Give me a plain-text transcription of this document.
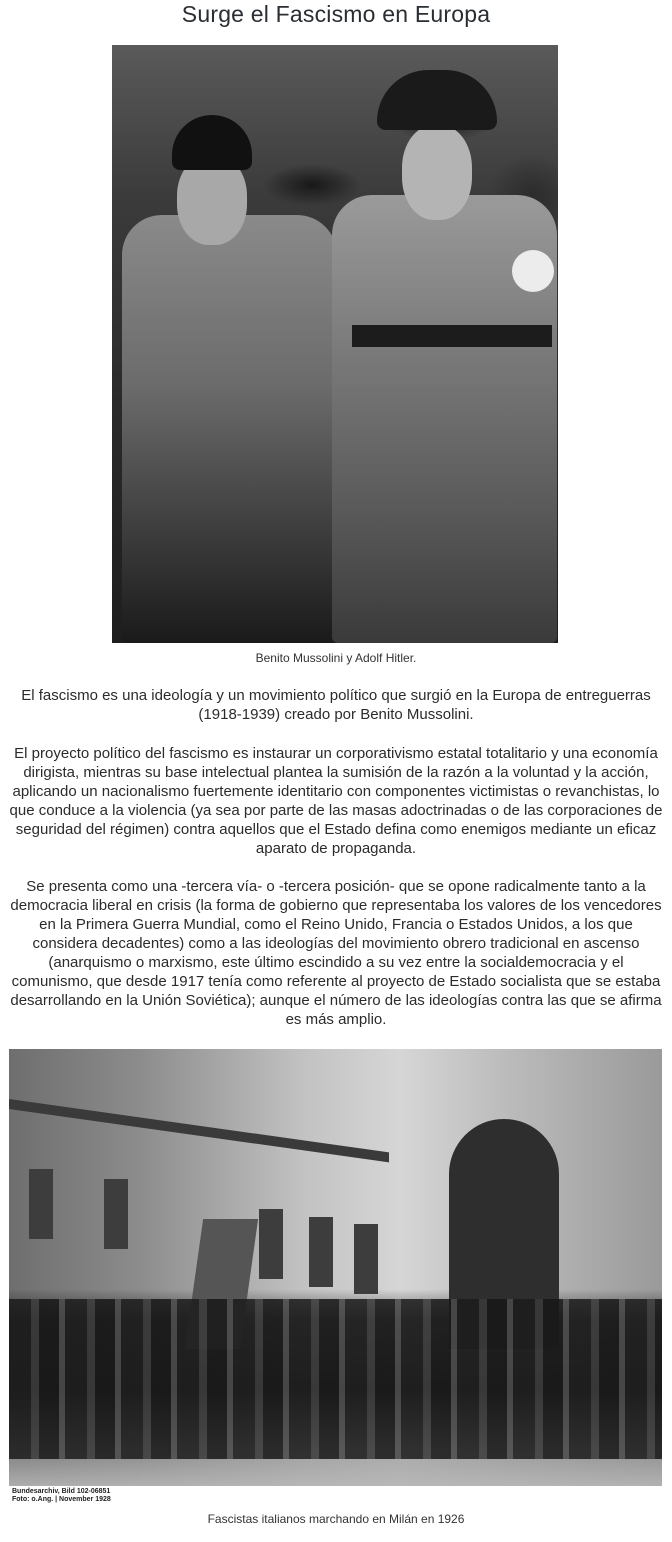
Surge el Fascismo en Europa
Benito Mussolini y Adolf Hitler.

El fascismo es una ideología y un movimiento político que surgió en la Europa de entreguerras (1918-1939) creado por Benito Mussolini.

El proyecto político del fascismo es instaurar un corporativismo estatal totalitario y una economía dirigista, mientras su base intelectual plantea la sumisión de la razón a la voluntad y la acción, aplicando un nacionalismo fuertemente identitario con componentes victimistas o revanchistas, lo que conduce a la violencia (ya sea por parte de las masas adoctrinadas o de las corporaciones de seguridad del régimen) contra aquellos que el Estado defina como enemigos mediante un eficaz aparato de propaganda.

Se presenta como una -tercera vía- o -tercera posición- que se opone radicalmente tanto a la democracia liberal en crisis (la forma de gobierno que representaba los valores de los vencedores en la Primera Guerra Mundial, como el Reino Unido, Francia o Estados Unidos, a los que considera decadentes) como a las ideologías del movimiento obrero tradicional en ascenso (anarquismo o marxismo, este último escindido a su vez entre la socialdemocracia y el comunismo, que desde 1917 tenía como referente al proyecto de Estado socialista que se estaba desarrollando en la Unión Soviética); aunque el número de las ideologías contra las que se afirma es más amplio.

Bundesarchiv, Bild 102-06851
Foto: o.Ang. | November 1928
Fascistas italianos marchando en Milán en 1926
